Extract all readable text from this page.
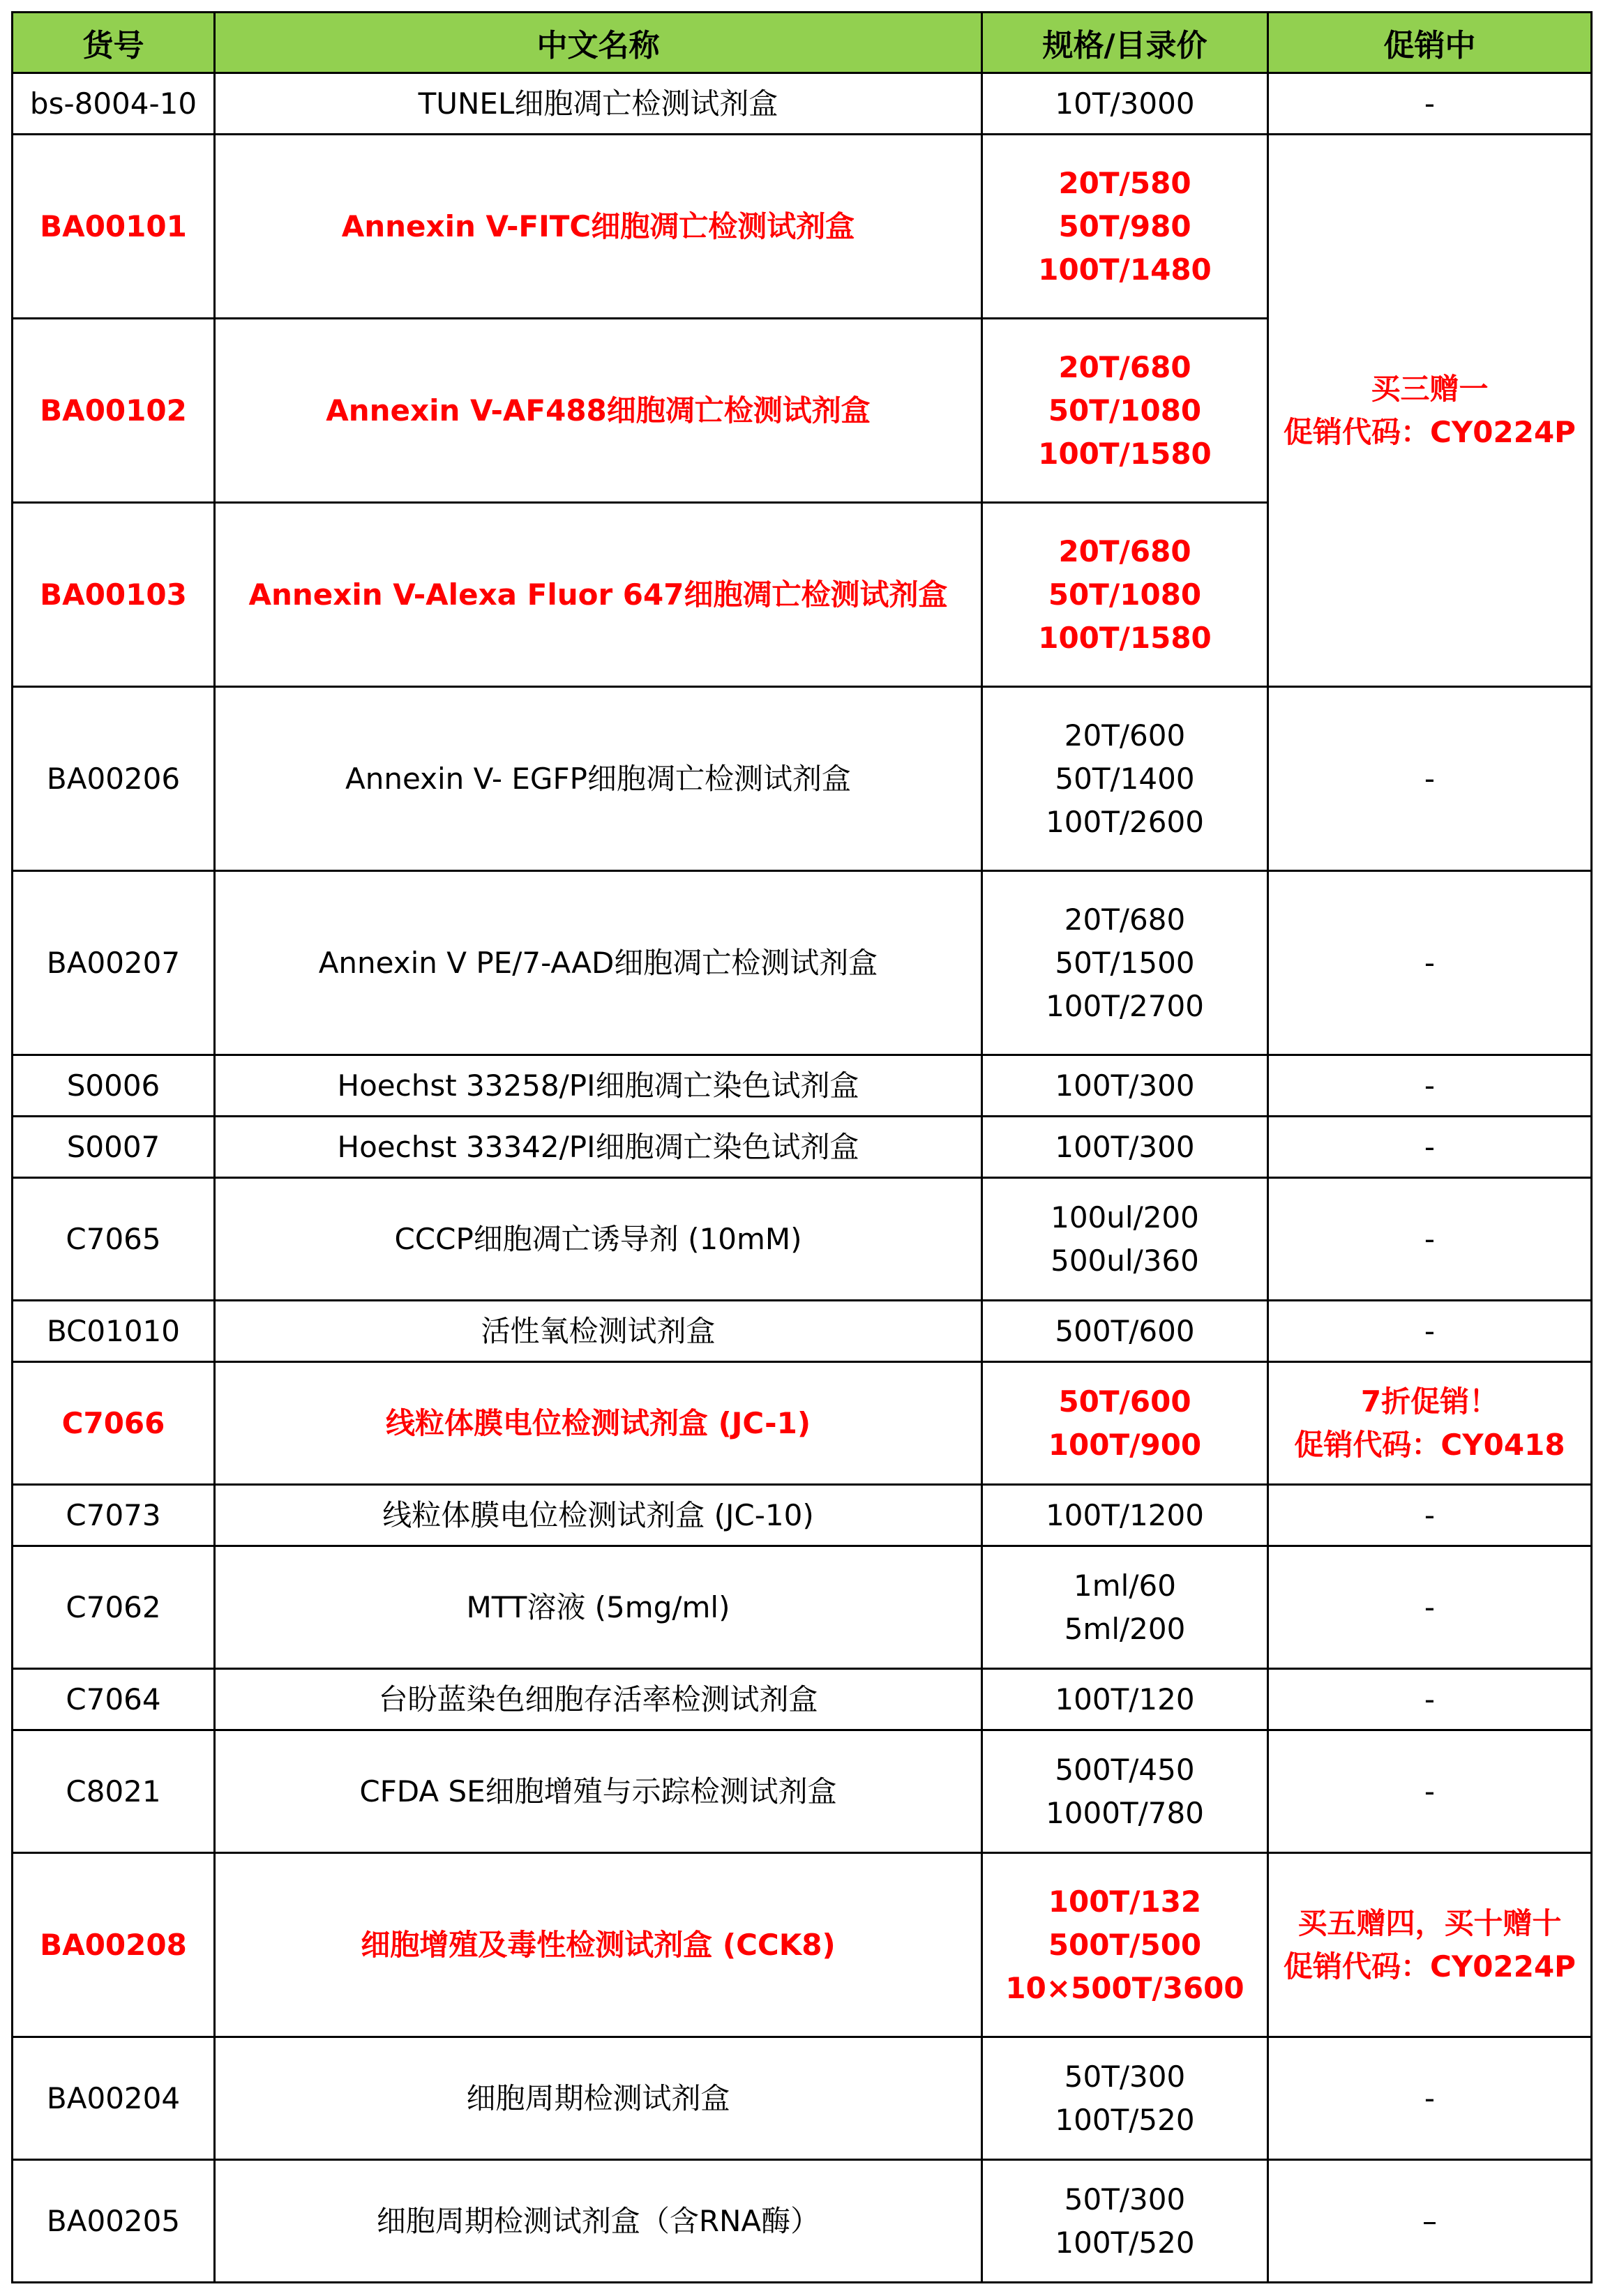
货号	中文名称	规格/目录价	促销中
bs-8004-10	TUNEL细胞凋亡检测试剂盒	10T/3000	-
BA00101	Annexin V-FITC细胞凋亡检测试剂盒	20T/580
50T/980
100T/1480	买三赠一
促销代码：CY0224P

BA00102	Annexin V-AF488细胞凋亡检测试剂盒	20T/680
50T/1080
100T/1580	

BA00103	Annexin V-Alexa Fluor 647细胞凋亡检测试剂盒	20T/680
50T/1080
100T/1580	

BA00206	Annexin V- EGFP细胞凋亡检测试剂盒	20T/600
50T/1400
100T/2600	-
BA00207	Annexin V PE/7-AAD细胞凋亡检测试剂盒	20T/680
50T/1500
100T/2700	-
S0006	Hoechst 33258/PI细胞凋亡染色试剂盒	100T/300	-
S0007	Hoechst 33342/PI细胞凋亡染色试剂盒	100T/300	-
C7065	CCCP细胞凋亡诱导剂 (10mM)	100ul/200
500ul/360	-
BC01010	活性氧检测试剂盒	500T/600	-
C7066	线粒体膜电位检测试剂盒 (JC-1)	50T/600
100T/900	7折促销！
促销代码：CY0418

C7073	线粒体膜电位检测试剂盒 (JC-10)	100T/1200	-
C7062	MTT溶液 (5mg/ml)	1ml/60
5ml/200	-
C7064	台盼蓝染色细胞存活率检测试剂盒	100T/120	-
C8021	CFDA SE细胞增殖与示踪检测试剂盒	500T/450
1000T/780	-
BA00208	细胞增殖及毒性检测试剂盒 (CCK8)	100T/132
500T/500
10×500T/3600	买五赠四，买十赠十
促销代码：CY0224P

BA00204	细胞周期检测试剂盒	50T/300
100T/520	-
BA00205	细胞周期检测试剂盒（含RNA酶）	50T/300
100T/520	–
